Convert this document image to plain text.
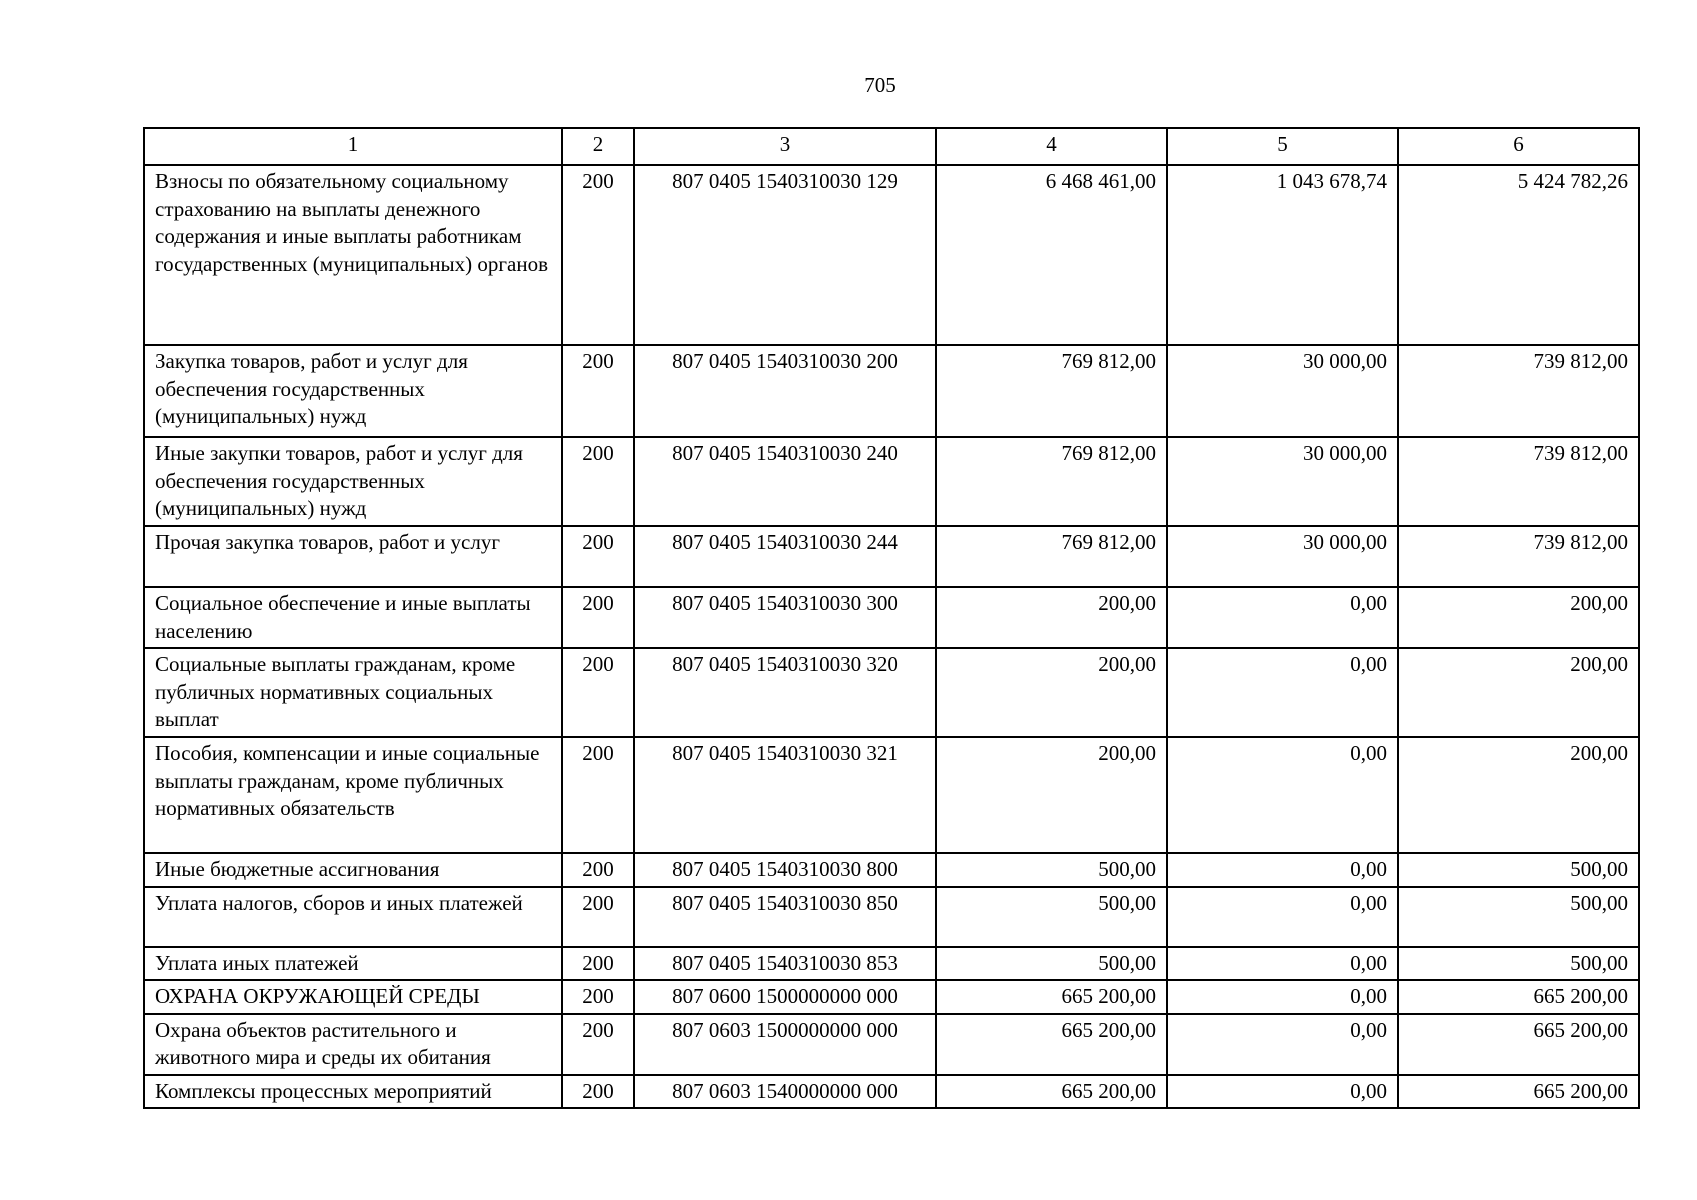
705
1	2	3	4	5	6
Взносы по обязательному социальному страхованию на выплаты денежного содержания и иные выплаты работникам государственных (муниципальных) органов	200	807 0405 1540310030 129	6 468 461,00	1 043 678,74	5 424 782,26
Закупка товаров, работ и услуг для обеспечения государственных (муниципальных) нужд	200	807 0405 1540310030 200	769 812,00	30 000,00	739 812,00
Иные закупки товаров, работ и услуг для обеспечения государственных (муниципальных) нужд	200	807 0405 1540310030 240	769 812,00	30 000,00	739 812,00
Прочая закупка товаров, работ и услуг	200	807 0405 1540310030 244	769 812,00	30 000,00	739 812,00
Социальное обеспечение и иные выплаты населению	200	807 0405 1540310030 300	200,00	0,00	200,00
Социальные выплаты гражданам, кроме публичных нормативных социальных выплат	200	807 0405 1540310030 320	200,00	0,00	200,00
Пособия, компенсации и иные социальные выплаты гражданам, кроме публичных нормативных обязательств	200	807 0405 1540310030 321	200,00	0,00	200,00
Иные бюджетные ассигнования	200	807 0405 1540310030 800	500,00	0,00	500,00
Уплата налогов, сборов и иных платежей	200	807 0405 1540310030 850	500,00	0,00	500,00
Уплата иных платежей	200	807 0405 1540310030 853	500,00	0,00	500,00
ОХРАНА ОКРУЖАЮЩЕЙ СРЕДЫ	200	807 0600 1500000000 000	665 200,00	0,00	665 200,00
Охрана объектов растительного и животного мира и среды их обитания	200	807 0603 1500000000 000	665 200,00	0,00	665 200,00
Комплексы процессных мероприятий	200	807 0603 1540000000 000	665 200,00	0,00	665 200,00
